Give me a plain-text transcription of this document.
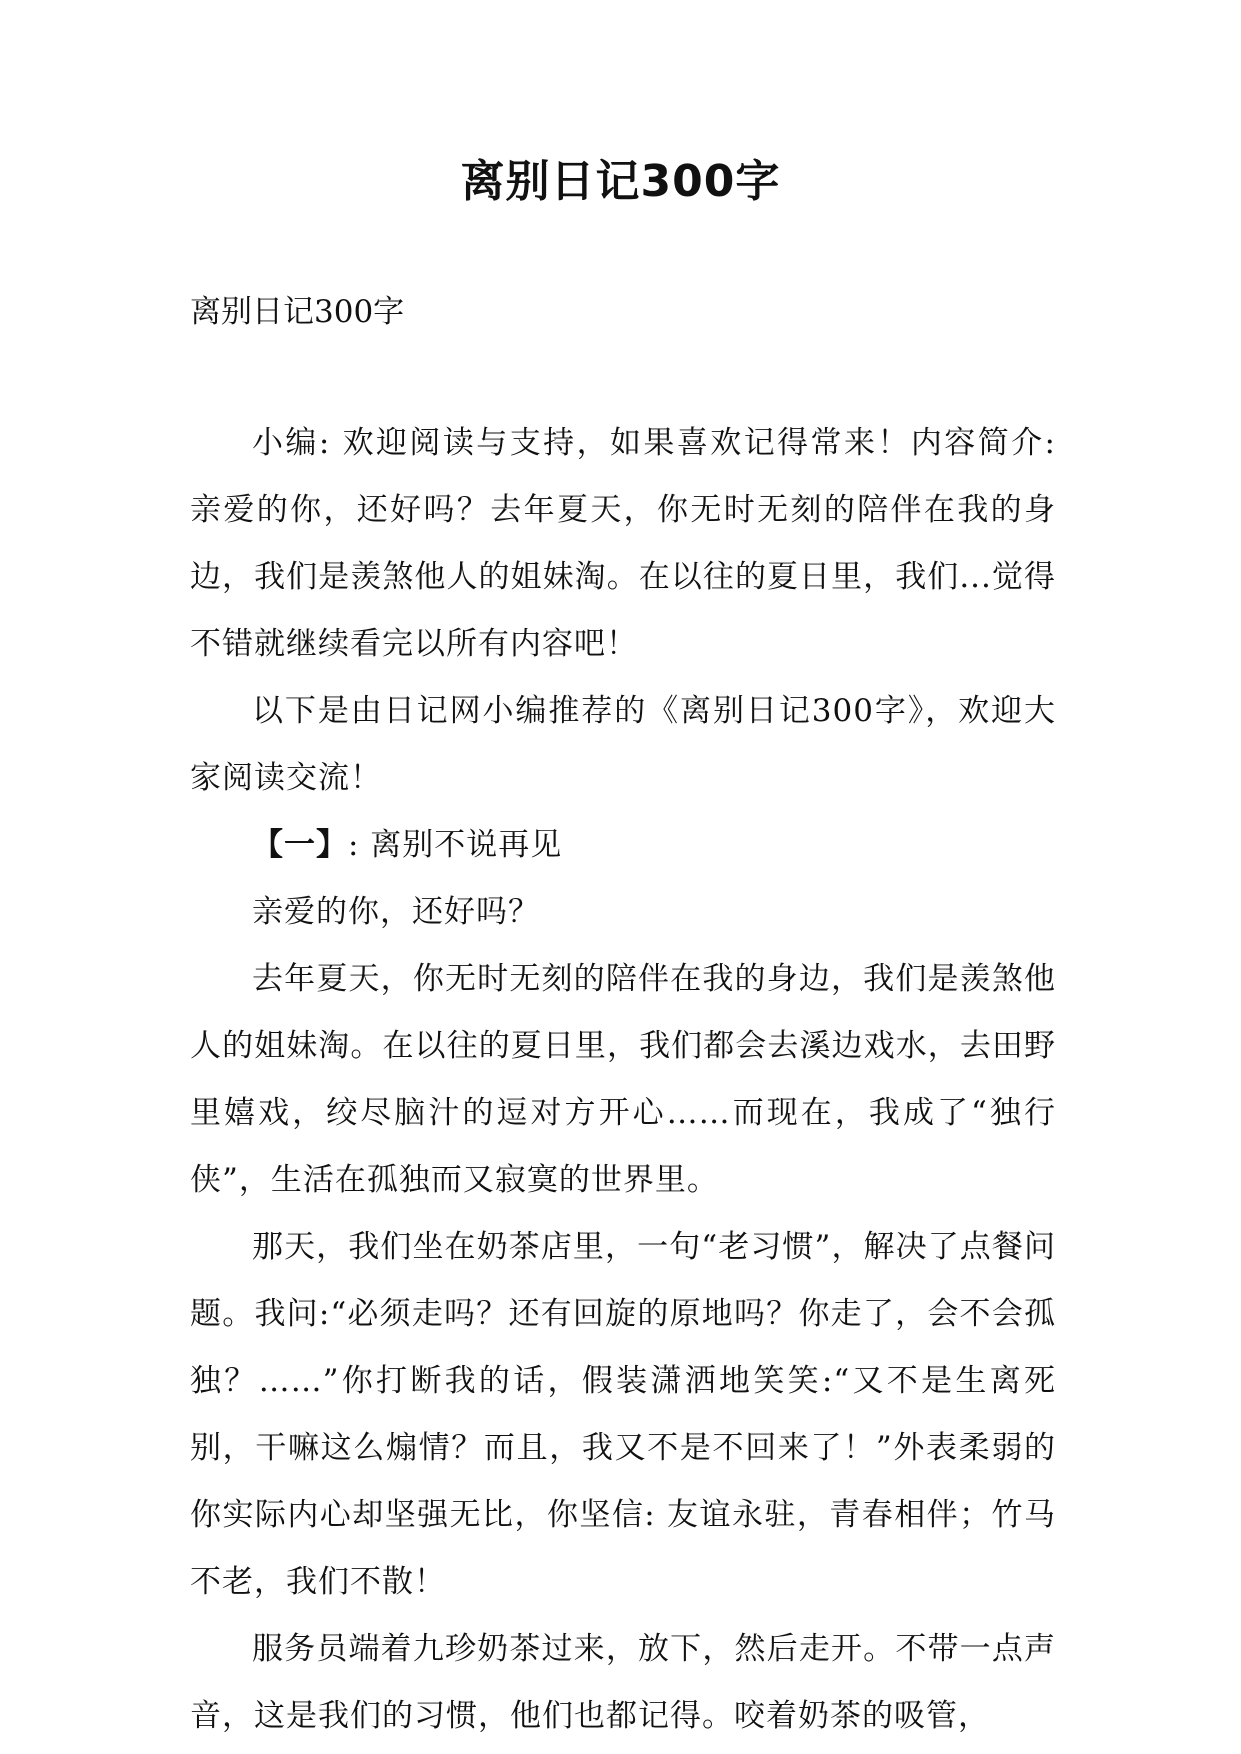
离别日记300字

离别日记300字

小编: 欢迎阅读与支持，如果喜欢记得常来！内容简介: 亲爱的你，还好吗？去年夏天，你无时无刻的陪伴在我的身边，我们是羡煞他人的姐妹淘。在以往的夏日里，我们...觉得不错就继续看完以所有内容吧！

以下是由日记网小编推荐的《离别日记300字》，欢迎大家阅读交流！

【一】: 离别不说再见

亲爱的你，还好吗？

去年夏天，你无时无刻的陪伴在我的身边，我们是羡煞他人的姐妹淘。在以往的夏日里，我们都会去溪边戏水，去田野里嬉戏，绞尽脑汁的逗对方开心……而现在，我成了“独行侠”，生活在孤独而又寂寞的世界里。

那天，我们坐在奶茶店里，一句“老习惯”，解决了点餐问题。我问:“必须走吗？还有回旋的原地吗？你走了，会不会孤独？……”你打断我的话，假装潇洒地笑笑:“又不是生离死别，干嘛这么煽情？而且，我又不是不回来了！”外表柔弱的你实际内心却坚强无比，你坚信: 友谊永驻，青春相伴；竹马不老，我们不散！

服务员端着九珍奶茶过来，放下，然后走开。不带一点声音，这是我们的习惯，他们也都记得。咬着奶茶的吸管，
